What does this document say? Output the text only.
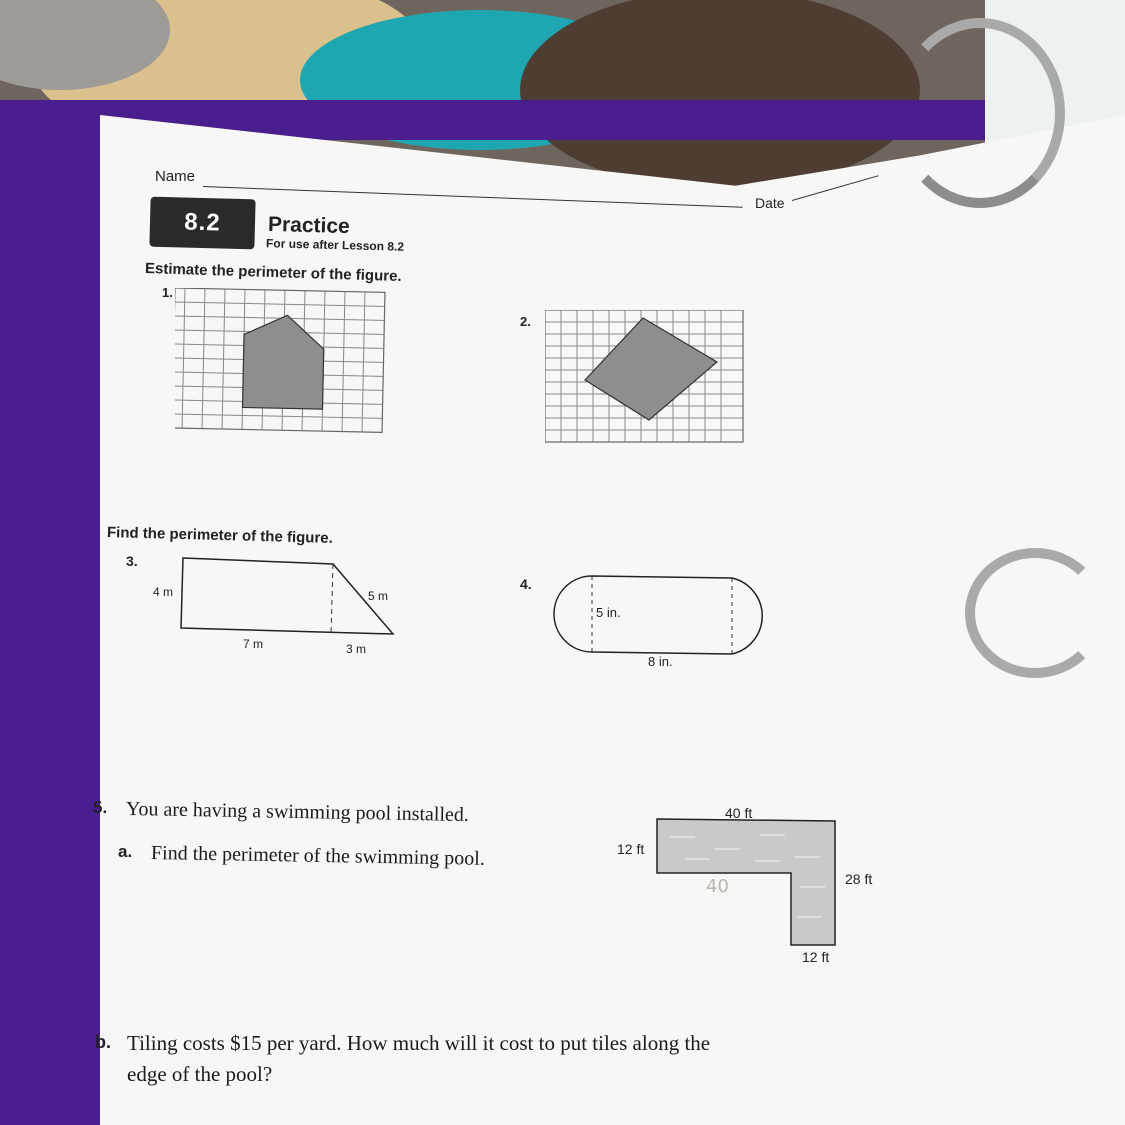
Name
Date
8.2	Practice
For use after Lesson 8.2
Estimate the perimeter of the figure.
1.
2.
Find the perimeter of the figure.
3.
4 m	5 m
7 m	3 m
4.
5 in.
8 in.
5. You are having a swimming pool installed.
a. Find the perimeter of the swimming pool.
40 ft
12 ft
28 ft
12 ft
40
b. Tiling costs $15 per yard. How much will it cost to put tiles along the
edge of the pool?
